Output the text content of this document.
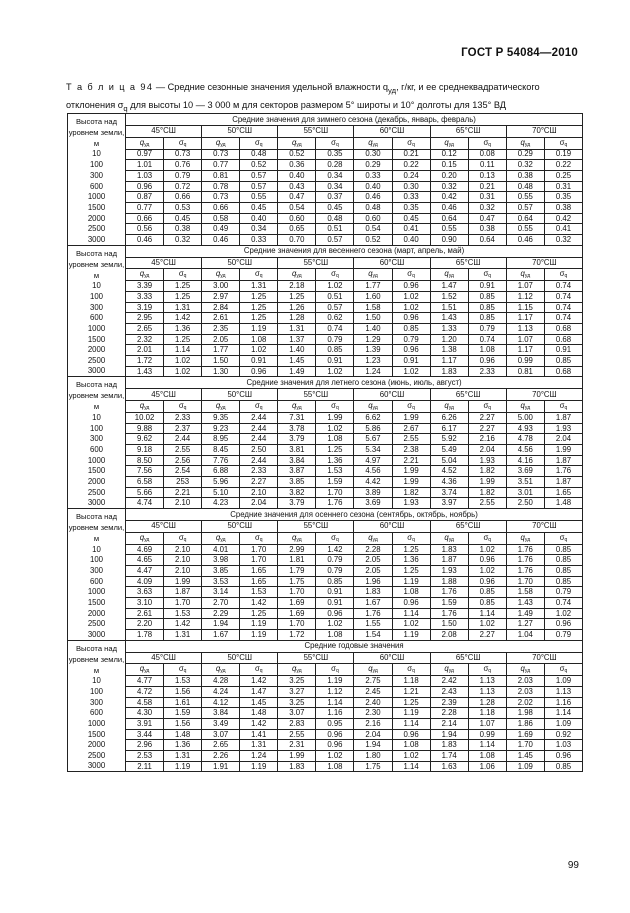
ГОСТ Р 54084—2010
Т а б л и ц а 94 — Средние сезонные значения удельной влажности $q_{уд}$, г/кг, и ее среднеквадратического отклонения $\sigma_q$ для высоты 10 — 3 000 м для секторов размером 5° широты и 10° долготы для 135° ВД
Высота над уровнем земли, м	Средние значения для зимнего сезона (декабрь, январь, февраль)											
	45°СШ		50°СШ		55°СШ		60°СШ		65°СШ		70°СШ	
	$q_{уд}$	$\sigma_q$	$q_{уд}$	$\sigma_q$	$q_{уд}$	$\sigma_q$	$q_{уд}$	$\sigma_q$	$q_{уд}$	$\sigma_q$	$q_{уд}$	$\sigma_q$
10	0.97	0.73	0.73	0.48	0.52	0.35	0.30	0.21	0.12	0.08	0.29	0.19
100	1.01	0.76	0.77	0.52	0.36	0.28	0.29	0.22	0.15	0.11	0.32	0.22
300	1.03	0.79	0.81	0.57	0.40	0.34	0.33	0.24	0.20	0.13	0.38	0.25
600	0.96	0.72	0.78	0.57	0.43	0.34	0.40	0.30	0.32	0.21	0.48	0.31
1000	0.87	0.66	0.73	0.55	0.47	0.37	0.46	0.33	0.42	0.31	0.55	0.35
1500	0.77	0.53	0.66	0.45	0.54	0.45	0.48	0.35	0.46	0.32	0.57	0.38
2000	0.66	0.45	0.58	0.40	0.60	0.48	0.60	0.45	0.64	0.47	0.64	0.42
2500	0.56	0.38	0.49	0.34	0.65	0.51	0.54	0.41	0.55	0.38	0.55	0.41
3000	0.46	0.32	0.46	0.33	0.70	0.57	0.52	0.40	0.90	0.64	0.46	0.32
Высота над уровнем земли, м	Средние значения для весеннего сезона (март, апрель, май)											
	45°СШ		50°СШ		55°СШ		60°СШ		65°СШ		70°СШ	
	$q_{уд}$	$\sigma_q$	$q_{уд}$	$\sigma_q$	$q_{уд}$	$\sigma_q$	$q_{уд}$	$\sigma_q$	$q_{уд}$	$\sigma_q$	$q_{уд}$	$\sigma_q$
10	3.39	1.25	3.00	1.31	2.18	1.02	1.77	0.96	1.47	0.91	1.07	0.74
100	3.33	1.25	2.97	1.25	1.25	0.51	1.60	1.02	1.52	0.85	1.12	0.74
300	3.19	1.31	2.84	1.25	1.26	0.57	1.58	1.02	1.51	0.85	1.15	0.74
600	2.95	1.42	2.61	1.25	1.28	0.62	1.50	0.96	1.43	0.85	1.17	0.74
1000	2.65	1.36	2.35	1.19	1.31	0.74	1.40	0.85	1.33	0.79	1.13	0.68
1500	2.32	1.25	2.05	1.08	1.37	0.79	1.29	0.79	1.20	0.74	1.07	0.68
2000	2.01	1.14	1.77	1.02	1.40	0.85	1.39	0.96	1.38	1.08	1.17	0.91
2500	1.72	1.02	1.50	0.91	1.45	0.91	1.23	0.91	1.17	0.96	0.99	0.85
3000	1.43	1.02	1.30	0.96	1.49	1.02	1.24	1.02	1.83	2.33	0.81	0.68
Высота над уровнем земли, м	Средние значения для летнего сезона (июнь, июль, август)											
	45°СШ		50°СШ		55°СШ		60°СШ		65°СШ		70°СШ	
	$q_{уд}$	$\sigma_q$	$q_{уд}$	$\sigma_q$	$q_{уд}$	$\sigma_q$	$q_{уд}$	$\sigma_q$	$q_{уд}$	$\sigma_q$	$q_{уд}$	$\sigma_q$
10	10.02	2.33	9.35	2.44	7.31	1.99	6.62	1.99	6.26	2.27	5.00	1.87
100	9.88	2.37	9.23	2.44	3.78	1.02	5.86	2.67	6.17	2.27	4.93	1.93
300	9.62	2.44	8.95	2.44	3.79	1.08	5.67	2.55	5.92	2.16	4.78	2.04
600	9.18	2.55	8.45	2.50	3.81	1.25	5.34	2.38	5.49	2.04	4.56	1.99
1000	8.50	2.56	7.76	2.44	3.84	1.36	4.97	2.21	5.04	1.93	4.16	1.87
1500	7.56	2.54	6.88	2.33	3.87	1.53	4.56	1.99	4.52	1.82	3.69	1.76
2000	6.58	253	5.96	2.27	3.85	1.59	4.42	1.99	4.36	1.99	3.51	1.87
2500	5.66	2.21	5.10	2.10	3.82	1.70	3.89	1.82	3.74	1.82	3.01	1.65
3000	4.74	2.10	4.23	2.04	3.79	1.76	3.69	1.93	3.97	2.55	2.50	1.48
Высота над уровнем земли, м	Средние значения для осеннего сезона (сентябрь, октябрь, ноябрь)											
	45°СШ		50°СШ		55°СШ		60°СШ		65°СШ		70°СШ	
	$q_{уд}$	$\sigma_q$	$q_{уд}$	$\sigma_q$	$q_{уд}$	$\sigma_q$	$q_{уд}$	$\sigma_q$	$q_{уд}$	$\sigma_q$	$q_{уд}$	$\sigma_q$
10	4.69	2.10	4.01	1.70	2.99	1.42	2.28	1.25	1.83	1.02	1.76	0.85
100	4.65	2.10	3.98	1.70	1.81	0.79	2.05	1.36	1.87	0.96	1.76	0.85
300	4.47	2.10	3.85	1.65	1.79	0.79	2.05	1.25	1.93	1.02	1.76	0.85
600	4.09	1.99	3.53	1.65	1.75	0.85	1.96	1.19	1.88	0.96	1.70	0.85
1000	3.63	1.87	3.14	1.53	1.70	0.91	1.83	1.08	1.76	0.85	1.58	0.79
1500	3.10	1.70	2.70	1.42	1.69	0.91	1.67	0.96	1.59	0.85	1.43	0.74
2000	2.61	1.53	2.29	1.25	1.69	0.96	1.76	1.14	1.76	1.14	1.49	1.02
2500	2.20	1.42	1.94	1.19	1.70	1.02	1.55	1.02	1.50	1.02	1.27	0.96
3000	1.78	1.31	1.67	1.19	1.72	1.08	1.54	1.19	2.08	2.27	1.04	0.79
Высота над уровнем земли, м	Средние годовые значения											
	45°СШ		50°СШ		55°СШ		60°СШ		65°СШ		70°СШ	
	$q_{уд}$	$\sigma_q$	$q_{уд}$	$\sigma_q$	$q_{уд}$	$\sigma_q$	$q_{уд}$	$\sigma_q$	$q_{уд}$	$\sigma_q$	$q_{уд}$	$\sigma_q$
10	4.77	1.53	4.28	1.42	3.25	1.19	2.75	1.18	2.42	1.13	2.03	1.09
100	4.72	1.56	4.24	1.47	3.27	1.12	2.45	1.21	2.43	1.13	2.03	1.13
300	4.58	1.61	4.12	1.45	3.25	1.14	2.40	1.25	2.39	1.28	2.02	1.16
600	4.30	1.59	3.84	1.48	3.07	1.16	2.30	1.19	2.28	1.18	1.98	1.14
1000	3.91	1.56	3.49	1.42	2.83	0.95	2.16	1.14	2.14	1.07	1.86	1.09
1500	3.44	1.48	3.07	1.41	2.55	0.96	2.04	0.96	1.94	0.99	1.69	0.92
2000	2.96	1.36	2.65	1.31	2.31	0.96	1.94	1.08	1.83	1.14	1.70	1.03
2500	2.53	1.31	2.26	1.24	1.99	1.02	1.80	1.02	1.74	1.08	1.45	0.96
3000	2.11	1.19	1.91	1.19	1.83	1.08	1.75	1.14	1.63	1.06	1.09	0.85
99
